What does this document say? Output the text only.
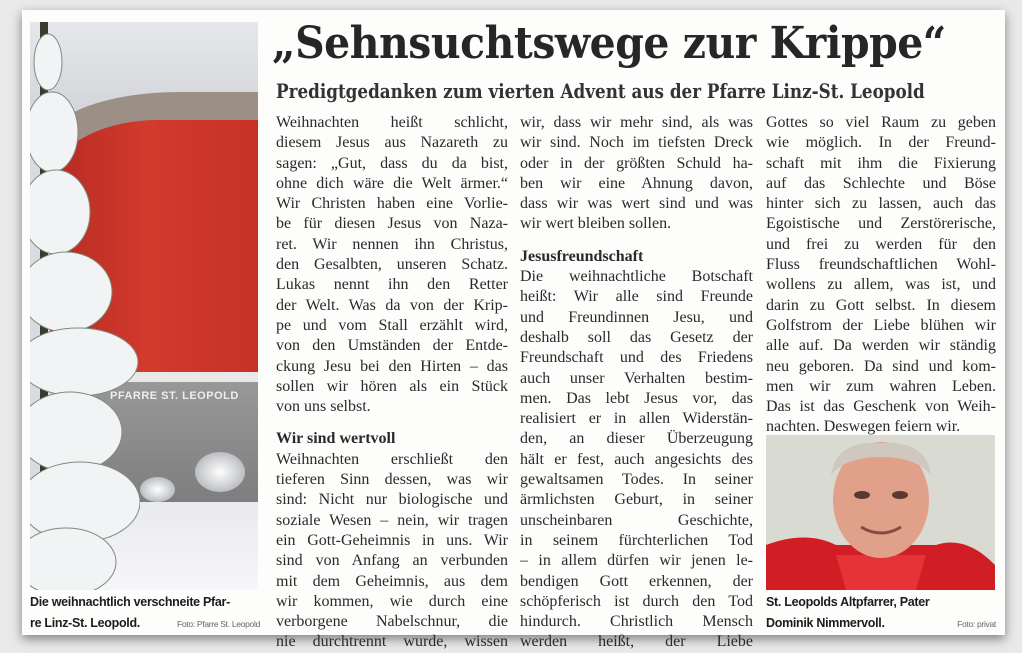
PFARRE ST. LEOPOLD
Die weihnachtlich verschneite Pfar-
re Linz-St. Leopold.	Foto: Pfarre St. Leopold
„Sehnsuchtswege zur Krippe“
Predigtgedanken zum vierten Advent aus der Pfarre Linz-St. Leopold
Weihnachten heißt schlicht,
diesem Jesus aus Nazareth zu
sagen: „Gut, dass du da bist,
ohne dich wäre die Welt ärmer.“
Wir Christen haben eine Vorlie-
be für diesen Jesus von Naza-
ret. Wir nennen ihn Christus,
den Gesalbten, unseren Schatz.
Lukas nennt ihn den Retter
der Welt. Was da von der Krip-
pe und vom Stall erzählt wird,
von den Umständen der Entde-
ckung Jesu bei den Hirten – das
sollen wir hören als ein Stück
von uns selbst.
Wir sind wertvoll
Weihnachten erschließt den
tieferen Sinn dessen, was wir
sind: Nicht nur biologische und
soziale Wesen – nein, wir tragen
ein Gott-Geheimnis in uns. Wir
sind von Anfang an verbunden
mit dem Geheimnis, aus dem
wir kommen, wie durch eine
verborgene Nabelschnur, die
nie durchtrennt wurde, wissen
wir, dass wir mehr sind, als was
wir sind. Noch im tiefsten Dreck
oder in der größten Schuld ha-
ben wir eine Ahnung davon,
dass wir was wert sind und was
wir wert bleiben sollen.
Jesusfreundschaft
Die weihnachtliche Botschaft
heißt: Wir alle sind Freunde
und Freundinnen Jesu, und
deshalb soll das Gesetz der
Freundschaft und des Friedens
auch unser Verhalten bestim-
men. Das lebt Jesus vor, das
realisiert er in allen Widerstän-
den, an dieser Überzeugung
hält er fest, auch angesichts des
gewaltsamen Todes. In seiner
ärmlichsten Geburt, in seiner
unscheinbaren Geschichte,
in seinem fürchterlichen Tod
– in allem dürfen wir jenen le-
bendigen Gott erkennen, der
schöpferisch ist durch den Tod
hindurch. Christlich Mensch
werden heißt, der Liebe
Gottes so viel Raum zu geben
wie möglich. In der Freund-
schaft mit ihm die Fixierung
auf das Schlechte und Böse
hinter sich zu lassen, auch das
Egoistische und Zerstörerische,
und frei zu werden für den
Fluss freundschaftlichen Wohl-
wollens zu allem, was ist, und
darin zu Gott selbst. In diesem
Golfstrom der Liebe blühen wir
alle auf. Da werden wir ständig
neu geboren. Da sind und kom-
men wir zum wahren Leben.
Das ist das Geschenk von Weih-
nachten. Deswegen feiern wir.
St. Leopolds Altpfarrer, Pater
Dominik Nimmervoll.	Foto: privat
